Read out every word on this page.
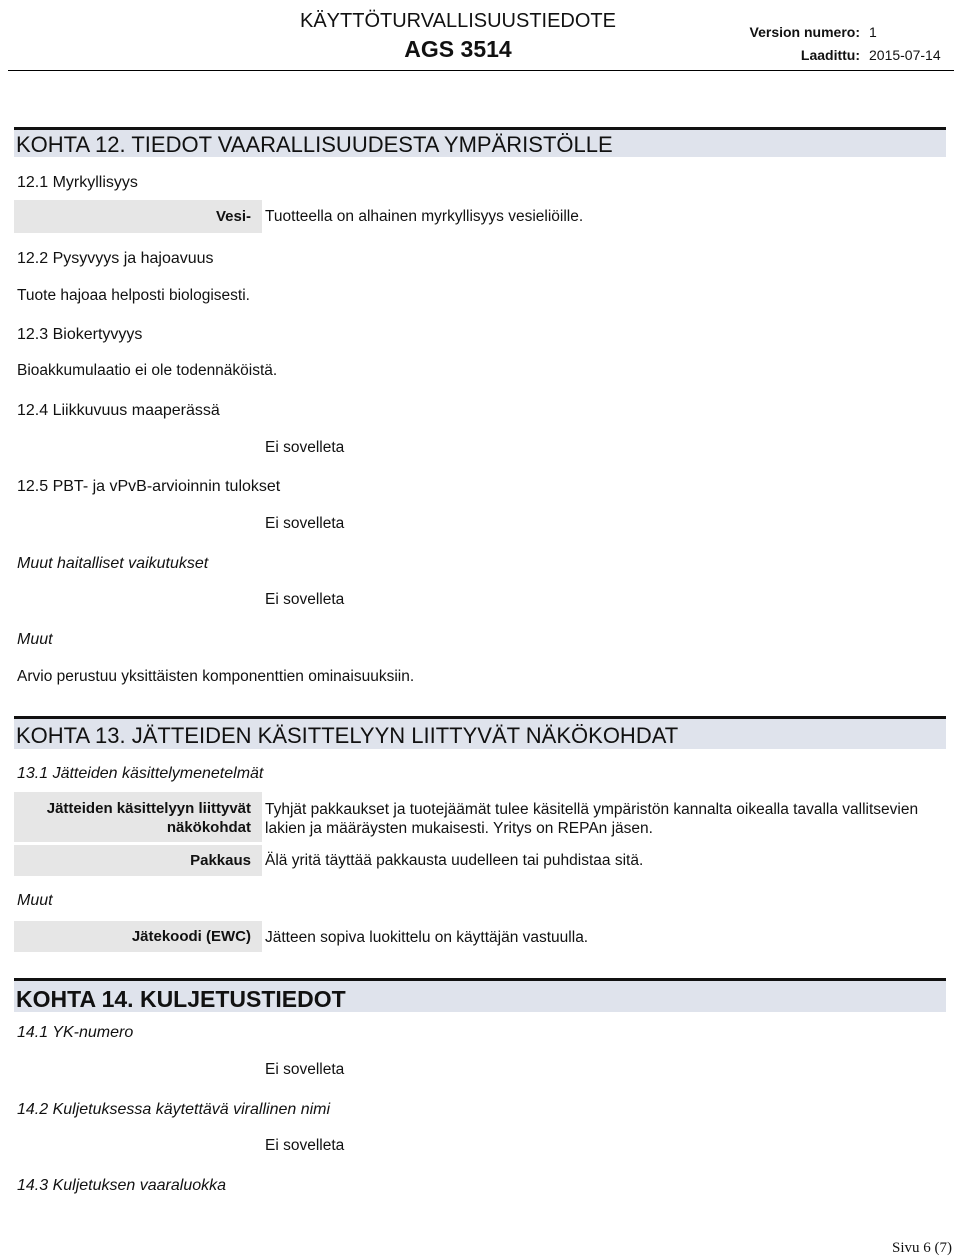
KÄYTTÖTURVALLISUUSTIEDOTE
AGS 3514
Version numero: 1
Laadittu: 2015-07-14
KOHTA 12. TIEDOT VAARALLISUUDESTA YMPÄRISTÖLLE
12.1 Myrkyllisyys
Vesi- Tuotteella on alhainen myrkyllisyys vesieliöille.
12.2 Pysyvyys ja hajoavuus
Tuote hajoaa helposti biologisesti.
12.3 Biokertyvyys
Bioakkumulaatio ei ole todennäköistä.
12.4 Liikkuvuus maaperässä
Ei sovelleta
12.5 PBT- ja vPvB-arvioinnin tulokset
Ei sovelleta
Muut haitalliset vaikutukset
Ei sovelleta
Muut
Arvio perustuu yksittäisten komponenttien ominaisuuksiin.
KOHTA 13. JÄTTEIDEN KÄSITTELYYN LIITTYVÄT NÄKÖKOHDAT
13.1 Jätteiden käsittelymenetelmät
Jätteiden käsittelyyn liittyvät
näkökohdat
Tyhjät pakkaukset ja tuotejäämät tulee käsitellä ympäristön kannalta oikealla tavalla vallitsevien
lakien ja määräysten mukaisesti. Yritys on REPAn jäsen.
Pakkaus Älä yritä täyttää pakkausta uudelleen tai puhdistaa sitä.
Muut
Jätekoodi (EWC) Jätteen sopiva luokittelu on käyttäjän vastuulla.
KOHTA 14. KULJETUSTIEDOT
14.1 YK-numero
Ei sovelleta
14.2 Kuljetuksessa käytettävä virallinen nimi
Ei sovelleta
14.3 Kuljetuksen vaaraluokka
Sivu 6 (7)
